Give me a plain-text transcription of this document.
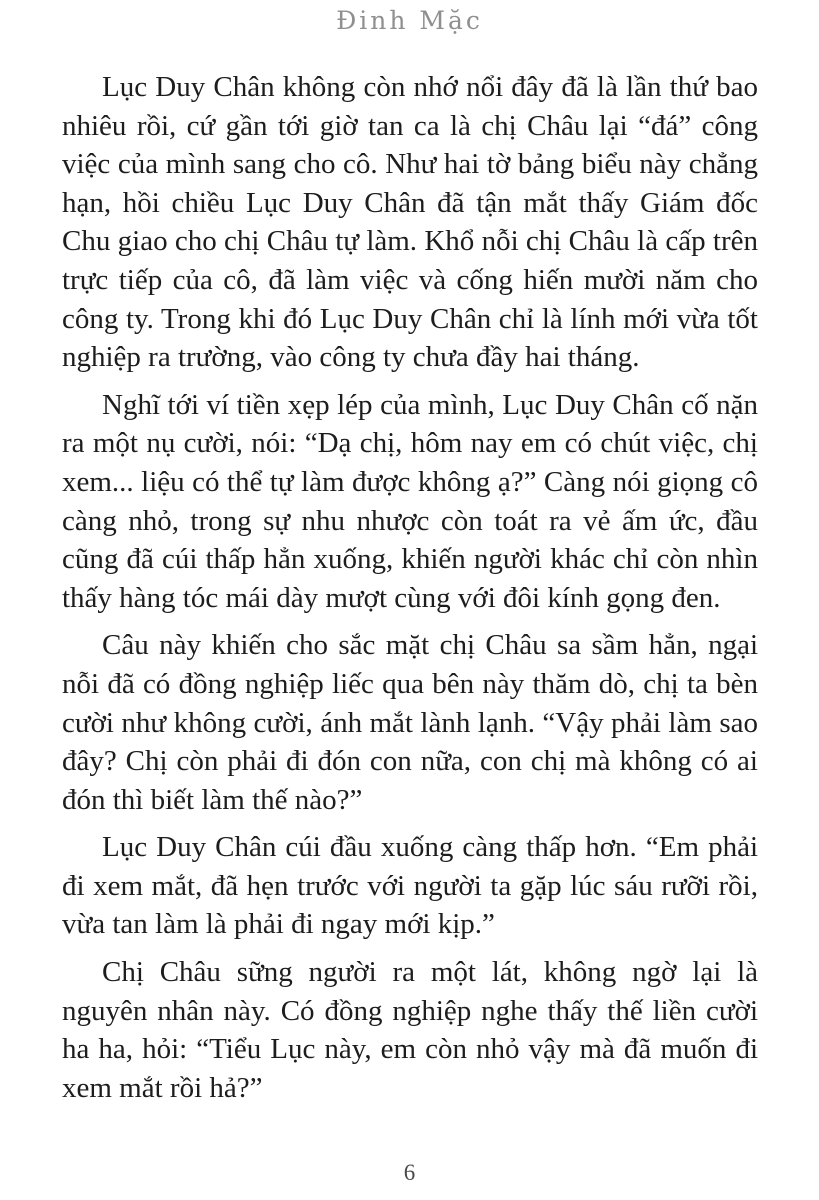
Đinh Mặc

Lục Duy Chân không còn nhớ nổi đây đã là lần thứ bao nhiêu rồi, cứ gần tới giờ tan ca là chị Châu lại “đá” công việc của mình sang cho cô. Như hai tờ bảng biểu này chẳng hạn, hồi chiều Lục Duy Chân đã tận mắt thấy Giám đốc Chu giao cho chị Châu tự làm. Khổ nỗi chị Châu là cấp trên trực tiếp của cô, đã làm việc và cống hiến mười năm cho công ty. Trong khi đó Lục Duy Chân chỉ là lính mới vừa tốt nghiệp ra trường, vào công ty chưa đầy hai tháng.

Nghĩ tới ví tiền xẹp lép của mình, Lục Duy Chân cố nặn ra một nụ cười, nói: “Dạ chị, hôm nay em có chút việc, chị xem... liệu có thể tự làm được không ạ?” Càng nói giọng cô càng nhỏ, trong sự nhu nhược còn toát ra vẻ ấm ức, đầu cũng đã cúi thấp hẳn xuống, khiến người khác chỉ còn nhìn thấy hàng tóc mái dày mượt cùng với đôi kính gọng đen.

Câu này khiến cho sắc mặt chị Châu sa sầm hẳn, ngại nỗi đã có đồng nghiệp liếc qua bên này thăm dò, chị ta bèn cười như không cười, ánh mắt lành lạnh. “Vậy phải làm sao đây? Chị còn phải đi đón con nữa, con chị mà không có ai đón thì biết làm thế nào?”

Lục Duy Chân cúi đầu xuống càng thấp hơn. “Em phải đi xem mắt, đã hẹn trước với người ta gặp lúc sáu rưỡi rồi, vừa tan làm là phải đi ngay mới kịp.”

Chị Châu sững người ra một lát, không ngờ lại là nguyên nhân này. Có đồng nghiệp nghe thấy thế liền cười ha ha, hỏi: “Tiểu Lục này, em còn nhỏ vậy mà đã muốn đi xem mắt rồi hả?”

6
